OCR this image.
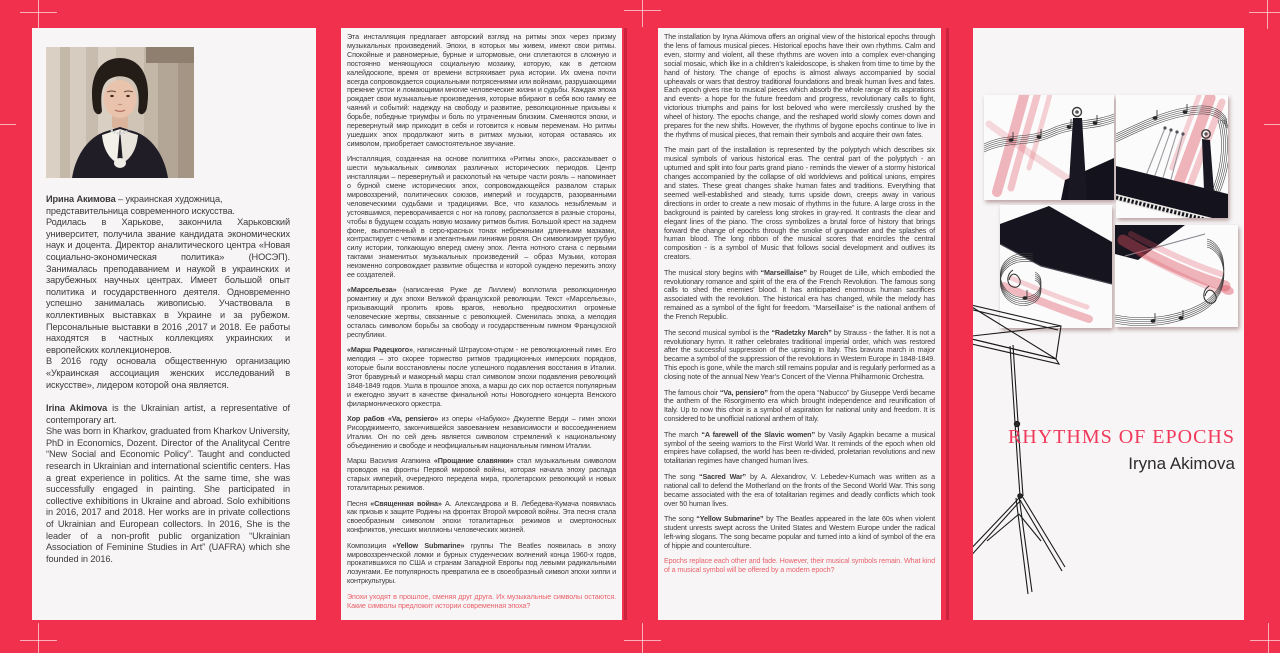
Ирина Акимова – украинская художница,

представительница современного искусства.

Родилась в Харькове, закончила Харьковский университет, получила звание кандидата экономических наук и доцента. Директор аналитического центра «Новая социально-экономическая политика» (НОСЭП). Занималась преподаванием и наукой в украинских и зарубежных научных центрах. Имеет большой опыт политика и государственного деятеля. Одновременно успешно занималась живописью. Участвовала в коллективных выставках в Украине и за рубежом. Персональные выставки в 2016 ,2017 и 2018. Ее работы находятся в частных коллекциях украинских и европейских коллекционеров.

В 2016 году основала общественную организацию «Украинская ассоциация женских исследований в искусстве», лидером которой она является.

Irina Akimova is the Ukrainian artist, a representative of contemporary art.

She was born in Kharkov, graduated from Kharkov University, PhD in Economics, Dozent. Director of the Analitycal Centre “New Social and Economic Policy”. Taught and conducted research in Ukrainian and international scientific centers. Has a great experience in politics. At the same time, she was successfully engaged in painting. She participated in collective exhibitions in Ukraine and abroad. Solo exhibitions in 2016, 2017 and 2018. Her works are in private collections of Ukrainian and European collectors. In 2016, She is the leader of a non-profit public organization “Ukrainian Association of Feminine Studies in Art” (UAFRA) which she founded in 2016.

Эта инсталляция предлагает авторский взгляд на ритмы эпох через призму музыкальных произведений. Эпохи, в которых мы живем, имеют свои ритмы. Спокойные и равномерные, бурные и штормовые, они сплетаются в сложную и постоянно меняющуюся социальную мозаику, которую, как в детском калейдоскопе, время от времени встряхивает рука истории. Их смена почти всегда сопровождается социальными потрясениями или войнами, разрушающими прежние устои и ломающими многие человеческие жизни и судьбы. Каждая эпоха рождает свои музыкальные произведения, которые вбирают в себя всю гамму ее чаяний и событий: надежду на свободу и развитие, революционные призывы к борьбе, победные триумфы и боль по утраченным близким. Сменяются эпохи, и перевернутый мир приходит в себя и готовится к новым переменам. Но ритмы ушедших эпох продолжают жить в ритмах музыки, которая оставаясь их символом, приобретает самостоятельное звучание.

Инсталляция, созданная на основе полиптиха «Ритмы эпох», рассказывает о шести музыкальных символах различных исторических периодов. Центр инсталляции – перевернутый и расколотый на четыре части рояль – напоминает о бурной смене исторических эпох, сопровождающейся развалом старых мировоззрений, политических союзов, империй и государств, разорванными человеческими судьбами и традициями. Все, что казалось незыблемым и устоявшимся, переворачивается с ног на голову, расползается в разные стороны, чтобы в будущем создать новую мозаику ритмов бытия. Большой крест на заднем фоне, выполненный в серо-красных тонах небрежными длинными мазками, контрастирует с четкими и элегантными линиями рояля. Он символизирует грубую силу истории, толкающую вперед смену эпох. Лента нотного стана с первыми тактами знаменитых музыкальных произведений – образ Музыки, которая неизменно сопровождает развитие общества и которой суждено пережить эпоху ее создателей.

«Марсельеза» (написанная Руже де Лиллем) воплотила революционную романтику и дух эпохи Великой французской революции. Текст «Марсельезы», призывающий пролить кровь врагов, невольно предвосхитил огромные человеческие жертвы, связанные с революцией. Сменилась эпоха, а мелодия осталась символом борьбы за свободу и государственным гимном Французской республики.

«Марш Радецкого», написанный Штраусом-отцом - не революционный гимн. Его мелодия – это скорее торжество ритмов традиционных имперских порядков, которые были восстановлены после успешного подавления восстания в Италии. Этот бравурный и мажорный марш стал символом эпохи подавления революций 1848-1849 годов. Ушла в прошлое эпоха, а марш до сих пор остается популярным и ежегодно звучит в качестве финальной ноты Новогоднего концерта Венского филармонического оркестра.

Хор рабов «Va, pensiero» из оперы «Набукко» Джузеппе Верди – гимн эпохи Рисорджименто, закончившейся завоеванием независимости и воссоединением Италии. Он по сей день является символом стремлений к национальному объединению и свободе и неофициальным национальным гимном Италии.

Марш Василия Агапкина «Прощание славянки» стал музыкальным символом проводов на фронты Первой мировой войны, которая начала эпоху распада старых империй, очередного передела мира, пролетарских революций и новых тоталитарных режимов.

Песня «Священная война» А. Александрова и В. Лебедева-Кумача появилась как призыв к защите Родины на фронтах Второй мировой войны. Эта песня стала своеобразным символом эпохи тоталитарных режимов и смертоносных конфликтов, унесших миллионы человеческих жизней.

Композиция «Yellow Submarine» группы The Beatles появилась в эпоху мировоззренческой ломки и бурных студенческих волнений конца 1960-х годов, прокатившихся по США и странам Западной Европы под левыми радикальными лозунгами. Ее популярность превратила ее в своеобразный символ эпохи хиппи и контркультуры.

Эпохи уходят в прошлое, сменяя друг друга. Их музыкальные символы остаются. Какие символы предложит истории современная эпоха?

The installation by Iryna Akimova offers an original view of the historical epochs through the lens of famous musical pieces. Historical epochs have their own rhythms. Calm and even, stormy and violent, all these rhythms are woven into a complex ever-changing social mosaic, which like in a children’s kaleidoscope, is shaken from time to time by the hand of history. The change of epochs is almost always accompanied by social upheavals or wars that destroy traditional foundations and break human lives and fates. Each epoch gives rise to musical pieces which absorb the whole range of its aspirations and events- a hope for the future freedom and progress, revolutionary calls to fight, victorious triumphs and pains for lost beloved who were mercilessly crushed by the wheel of history. The epochs change, and the reshaped world slowly comes down and prepares for the new shifts. However, the rhythms of bygone epochs continue to live in the rhythms of musical pieces, that remain their symbols and acquire their own fates.

The main part of the installation is represented by the polyptych which describes six musical symbols of various historical eras. The central part of the polyptych - an upturned and split into four parts grand piano - reminds the viewer of a stormy historical changes accompanied by the collapse of old worldviews and political unions, empires and states. These great changes shake human fates and traditions. Everything that seemed well-established and steady, turns upside down, creeps away in various directions in order to create a new mosaic of rhythms in the future. A large cross in the background is painted by careless long strokes in gray-red. It contrasts the clear and elegant lines of the piano. The cross symbolizes a brutal force of history that brings forward the change of epochs through the smoke of gunpowder and the splashes of human blood. The long ribbon of the musical scores that encircles the central composition - is a symbol of Music that follows social development and outlives its creators.

The musical story begins with “Marseillaise” by Rouget de Lille, which embodied the revolutionary romance and spirit of the era of the French Revolution. The famous song calls to shed the enemies’ blood. It has anticipated enormous human sacrifices associated with the revolution. The historical era has changed, while the melody has remained as a symbol of the fight for freedom. “Marseillaise” is the national anthem of the French Republic.

The second musical symbol is the “Radetzky March” by Strauss - the father. It is not a revolutionary hymn. It rather celebrates traditional imperial order, which was restored after the successful suppression of the uprising in Italy. This bravura march in major became a symbol of the suppression of the revolutions in Western Europe in 1848-1849. This epoch is gone, while the march still remains popular and is regularly performed as a closing note of the annual New Year’s Concert of the Vienna Philharmonic Orchestra.

The famous choir “Va, pensiero” from the opera “Nabucco” by Giuseppe Verdi became the anthem of the Risorgimento era which brought independence and reunification of Italy. Up to now this choir is a symbol of aspiration for national unity and freedom. It is considered to be unofficial national anthem of Italy.

The march “A farewell of the Slavic women” by Vasily Agapkin became a musical symbol of the seeing warriors to the First World War. It reminds of the epoch when old empires have collapsed, the world has been re-divided, proletarian revolutions and new totalitarian regimes have changed human lives.

The song “Sacred War” by A. Alexandrov, V. Lebedev-Kumach was written as a national call to defend the Motherland on the fronts of the Second World War. This song became associated with the era of totalitarian regimes and deadly conflicts which took over 50 human lives.

The song “Yellow Submarine” by The Beatles appeared in the late 60s when violent student unrests swept across the United States and Western Europe under the radical left-wing slogans. The song became popular and turned into a kind of symbol of the era of hippie and counterculture.

Epochs replace each other and fade. However, their musical symbols remain. What kind of a musical symbol will be offered by a modern epoch?

RHYTHMS OF EPOCHS
Iryna Akimova
